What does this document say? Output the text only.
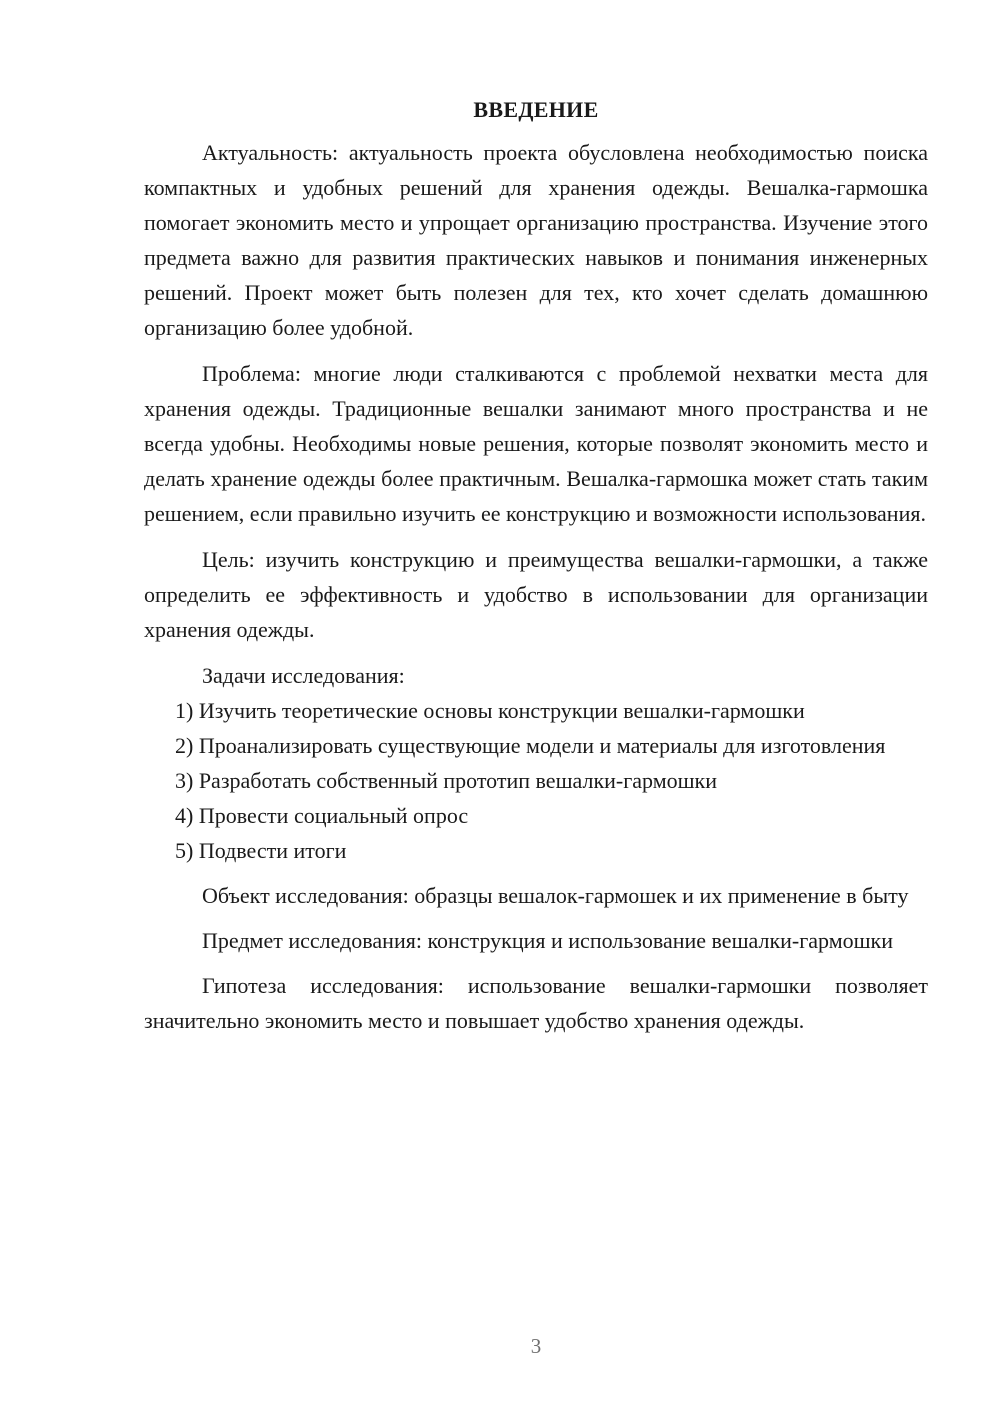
ВВЕДЕНИЕ

Актуальность: актуальность проекта обусловлена необходимостью поиска компактных и удобных решений для хранения одежды. Вешалка-гармошка помогает экономить место и упрощает организацию пространства. Изучение этого предмета важно для развития практических навыков и понимания инженерных решений. Проект может быть полезен для тех, кто хочет сделать домашнюю организацию более удобной.

Проблема: многие люди сталкиваются с проблемой нехватки места для хранения одежды. Традиционные вешалки занимают много пространства и не всегда удобны. Необходимы новые решения, которые позволят экономить место и делать хранение одежды более практичным. Вешалка-гармошка может стать таким решением, если правильно изучить ее конструкцию и возможности использования.

Цель: изучить конструкцию и преимущества вешалки-гармошки, а также определить ее эффективность и удобство в использовании для организации хранения одежды.

Задачи исследования:

1) Изучить теоретические основы конструкции вешалки-гармошки

2) Проанализировать существующие модели и материалы для изготовления

3) Разработать собственный прототип вешалки-гармошки

4) Провести социальный опрос

5) Подвести итоги

Объект исследования: образцы вешалок-гармошек и их применение в быту

Предмет исследования: конструкция и использование вешалки-гармошки

Гипотеза исследования: использование вешалки-гармошки позволяет значительно экономить место и повышает удобство хранения одежды.

3
